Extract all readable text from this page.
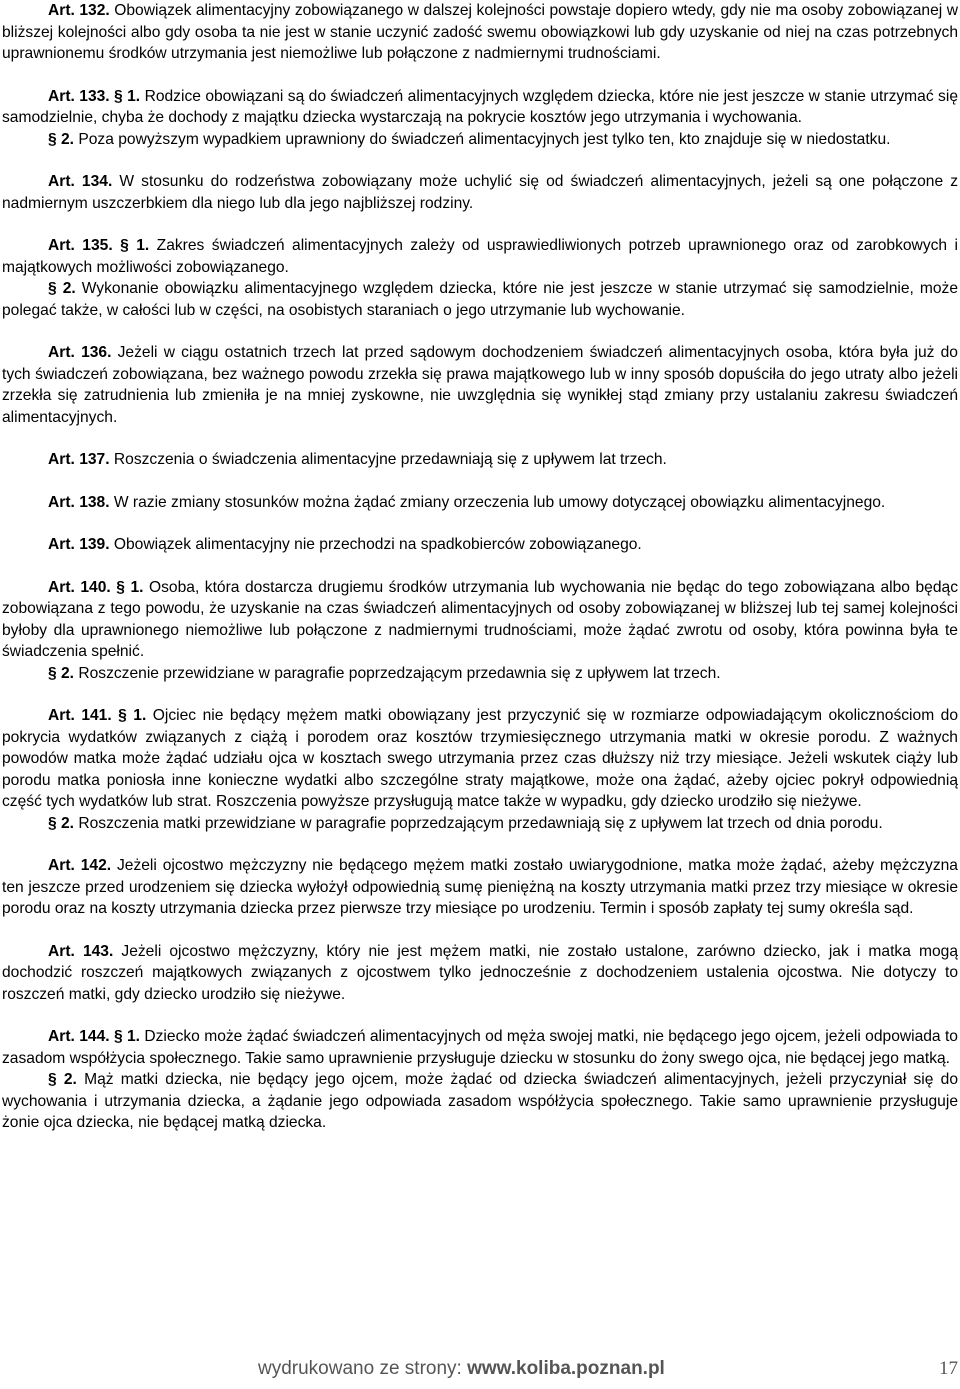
Art. 132. Obowiązek alimentacyjny zobowiązanego w dalszej kolejności powstaje dopiero wtedy, gdy nie ma osoby zobowiązanej w bliższej kolejności albo gdy osoba ta nie jest w stanie uczynić zadość swemu obowiązkowi lub gdy uzyskanie od niej na czas potrzebnych uprawnionemu środków utrzymania jest niemożliwe lub połączone z nadmiernymi trudnościami.

Art. 133. § 1. Rodzice obowiązani są do świadczeń alimentacyjnych względem dziecka, które nie jest jeszcze w stanie utrzymać się samodzielnie, chyba że dochody z majątku dziecka wystarczają na pokrycie kosztów jego utrzymania i wychowania.

§ 2. Poza powyższym wypadkiem uprawniony do świadczeń alimentacyjnych jest tylko ten, kto znajduje się w niedostatku.

Art. 134. W stosunku do rodzeństwa zobowiązany może uchylić się od świadczeń alimentacyjnych, jeżeli są one połączone z nadmiernym uszczerbkiem dla niego lub dla jego najbliższej rodziny.

Art. 135. § 1. Zakres świadczeń alimentacyjnych zależy od usprawiedliwionych potrzeb uprawnionego oraz od zarobkowych i majątkowych możliwości zobowiązanego.

§ 2. Wykonanie obowiązku alimentacyjnego względem dziecka, które nie jest jeszcze w stanie utrzymać się samodzielnie, może polegać także, w całości lub w części, na osobistych staraniach o jego utrzymanie lub wychowanie.

Art. 136. Jeżeli w ciągu ostatnich trzech lat przed sądowym dochodzeniem świadczeń alimentacyjnych osoba, która była już do tych świadczeń zobowiązana, bez ważnego powodu zrzekła się prawa majątkowego lub w inny sposób dopuściła do jego utraty albo jeżeli zrzekła się zatrudnienia lub zmieniła je na mniej zyskowne, nie uwzględnia się wynikłej stąd zmiany przy ustalaniu zakresu świadczeń alimentacyjnych.

Art. 137. Roszczenia o świadczenia alimentacyjne przedawniają się z upływem lat trzech.

Art. 138. W razie zmiany stosunków można żądać zmiany orzeczenia lub umowy dotyczącej obowiązku alimentacyjnego.

Art. 139. Obowiązek alimentacyjny nie przechodzi na spadkobierców zobowiązanego.

Art. 140. § 1. Osoba, która dostarcza drugiemu środków utrzymania lub wychowania nie będąc do tego zobowiązana albo będąc zobowiązana z tego powodu, że uzyskanie na czas świadczeń alimentacyjnych od osoby zobowiązanej w bliższej lub tej samej kolejności byłoby dla uprawnionego niemożliwe lub połączone z nadmiernymi trudnościami, może żądać zwrotu od osoby, która powinna była te świadczenia spełnić.

§ 2. Roszczenie przewidziane w paragrafie poprzedzającym przedawnia się z upływem lat trzech.

Art. 141. § 1. Ojciec nie będący mężem matki obowiązany jest przyczynić się w rozmiarze odpowiadającym okolicznościom do pokrycia wydatków związanych z ciążą i porodem oraz kosztów trzymiesięcznego utrzymania matki w okresie porodu. Z ważnych powodów matka może żądać udziału ojca w kosztach swego utrzymania przez czas dłuższy niż trzy miesiące. Jeżeli wskutek ciąży lub porodu matka poniosła inne konieczne wydatki albo szczególne straty majątkowe, może ona żądać, ażeby ojciec pokrył odpowiednią część tych wydatków lub strat. Roszczenia powyższe przysługują matce także w wypadku, gdy dziecko urodziło się nieżywe.

§ 2. Roszczenia matki przewidziane w paragrafie poprzedzającym przedawniają się z upływem lat trzech od dnia porodu.

Art. 142. Jeżeli ojcostwo mężczyzny nie będącego mężem matki zostało uwiarygodnione, matka może żądać, ażeby mężczyzna ten jeszcze przed urodzeniem się dziecka wyłożył odpowiednią sumę pieniężną na koszty utrzymania matki przez trzy miesiące w okresie porodu oraz na koszty utrzymania dziecka przez pierwsze trzy miesiące po urodzeniu. Termin i sposób zapłaty tej sumy określa sąd.

Art. 143. Jeżeli ojcostwo mężczyzny, który nie jest mężem matki, nie zostało ustalone, zarówno dziecko, jak i matka mogą dochodzić roszczeń majątkowych związanych z ojcostwem tylko jednocześnie z dochodzeniem ustalenia ojcostwa. Nie dotyczy to roszczeń matki, gdy dziecko urodziło się nieżywe.

Art. 144. § 1. Dziecko może żądać świadczeń alimentacyjnych od męża swojej matki, nie będącego jego ojcem, jeżeli odpowiada to zasadom współżycia społecznego. Takie samo uprawnienie przysługuje dziecku w stosunku do żony swego ojca, nie będącej jego matką.

§ 2. Mąż matki dziecka, nie będący jego ojcem, może żądać od dziecka świadczeń alimentacyjnych, jeżeli przyczyniał się do wychowania i utrzymania dziecka, a żądanie jego odpowiada zasadom współżycia społecznego. Takie samo uprawnienie przysługuje żonie ojca dziecka, nie będącej matką dziecka.

wydrukowano ze strony: www.koliba.poznan.pl	17
